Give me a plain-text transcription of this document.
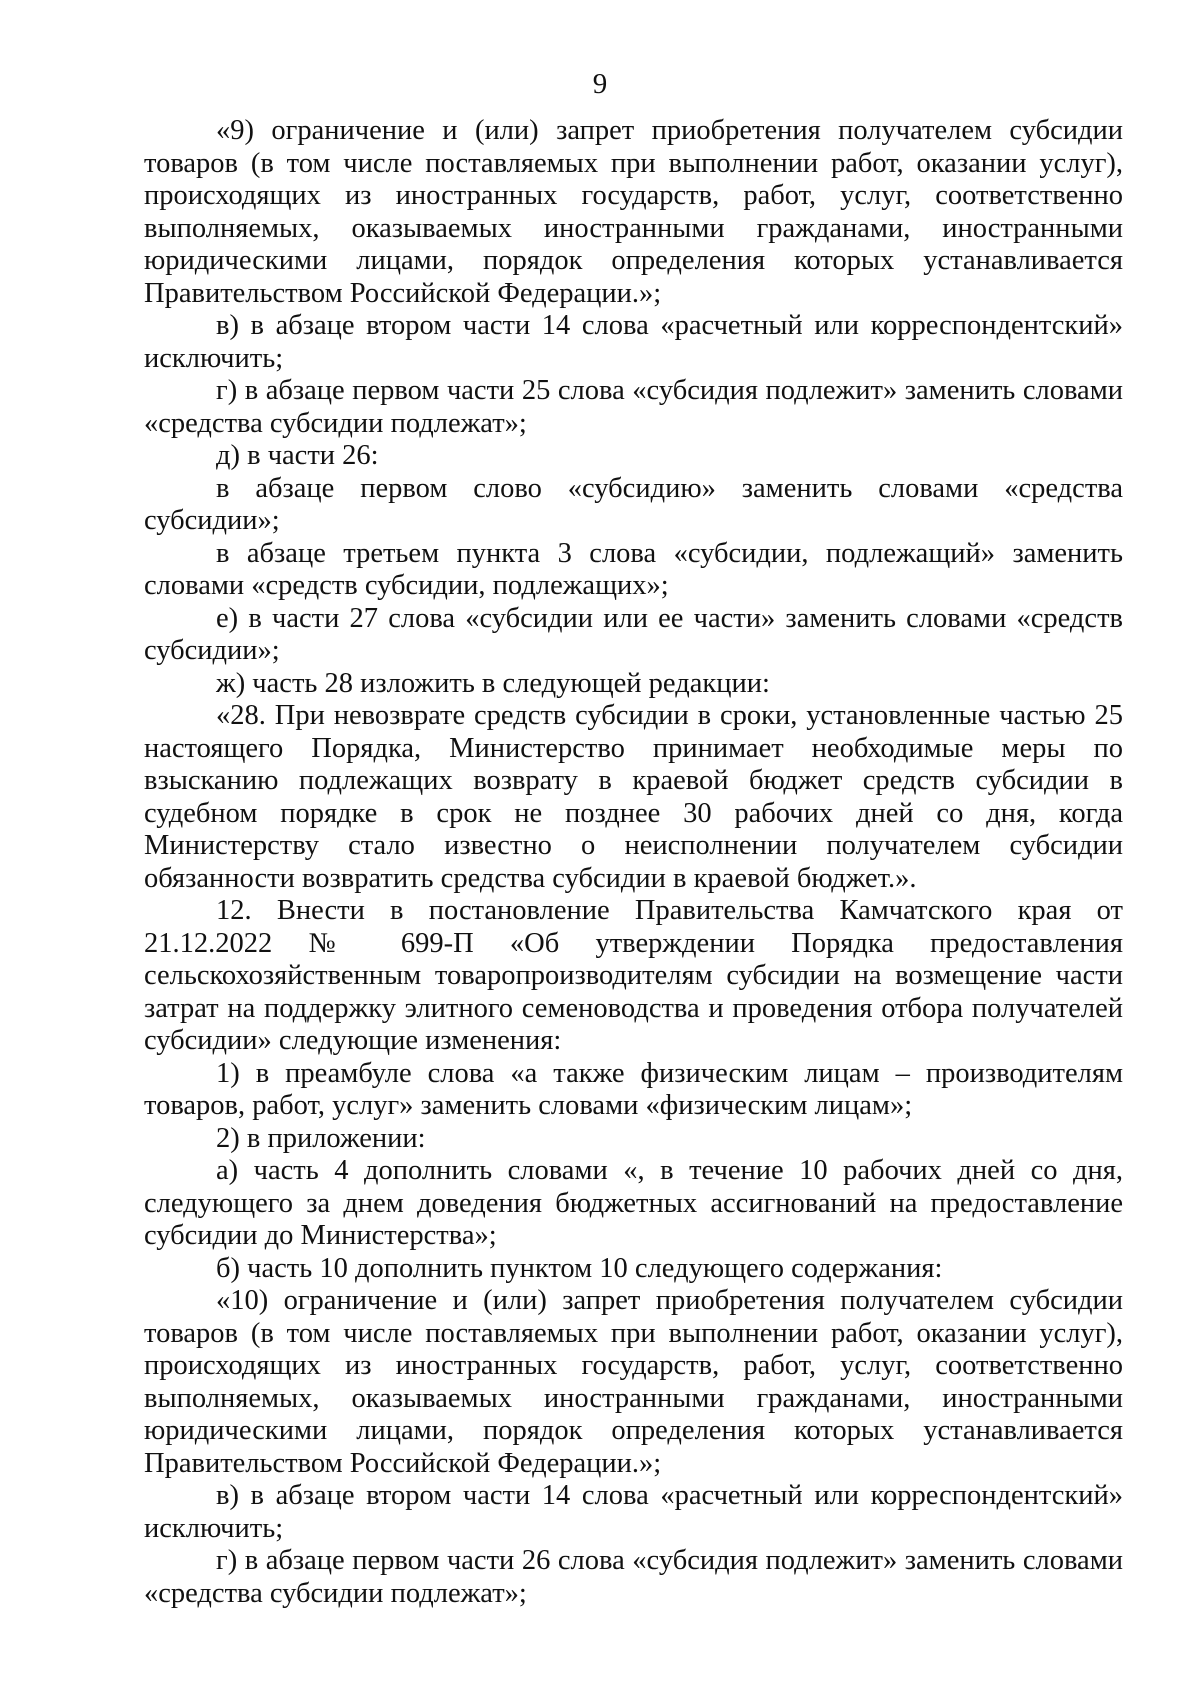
9

«9) ограничение и (или) запрет приобретения получателем субсидии товаров (в том числе поставляемых при выполнении работ, оказании услуг), происходящих из иностранных государств, работ, услуг, соответственно выполняемых, оказываемых иностранными гражданами, иностранными юридическими лицами, порядок определения которых устанавливается Правительством Российской Федерации.»;

в) в абзаце втором части 14 слова «расчетный или корреспондентский» исключить;

г) в абзаце первом части 25 слова «субсидия подлежит» заменить словами «средства субсидии подлежат»;

д) в части 26:

в абзаце первом слово «субсидию» заменить словами «средства субсидии»;

в абзаце третьем пункта 3 слова «субсидии, подлежащий» заменить словами «средств субсидии, подлежащих»;

е) в части 27 слова «субсидии или ее части» заменить словами «средств субсидии»;

ж) часть 28 изложить в следующей редакции:

«28. При невозврате средств субсидии в сроки, установленные частью 25 настоящего Порядка, Министерство принимает необходимые меры по взысканию подлежащих возврату в краевой бюджет средств субсидии в судебном порядке в срок не позднее 30 рабочих дней со дня, когда Министерству стало известно о неисполнении получателем субсидии обязанности возвратить средства субсидии в краевой бюджет.».

12. Внести в постановление Правительства Камчатского края от 21.12.2022 № 699-П «Об утверждении Порядка предоставления сельскохозяйственным товаропроизводителям субсидии на возмещение части затрат на поддержку элитного семеноводства и проведения отбора получателей субсидии» следующие изменения:

1) в преамбуле слова «а также физическим лицам – производителям товаров, работ, услуг» заменить словами «физическим лицам»;

2) в приложении:

а) часть 4 дополнить словами «, в течение 10 рабочих дней со дня, следующего за днем доведения бюджетных ассигнований на предоставление субсидии до Министерства»;

б) часть 10 дополнить пунктом 10 следующего содержания:

«10) ограничение и (или) запрет приобретения получателем субсидии товаров (в том числе поставляемых при выполнении работ, оказании услуг), происходящих из иностранных государств, работ, услуг, соответственно выполняемых, оказываемых иностранными гражданами, иностранными юридическими лицами, порядок определения которых устанавливается Правительством Российской Федерации.»;

в) в абзаце втором части 14 слова «расчетный или корреспондентский» исключить;

г) в абзаце первом части 26 слова «субсидия подлежит» заменить словами «средства субсидии подлежат»;
